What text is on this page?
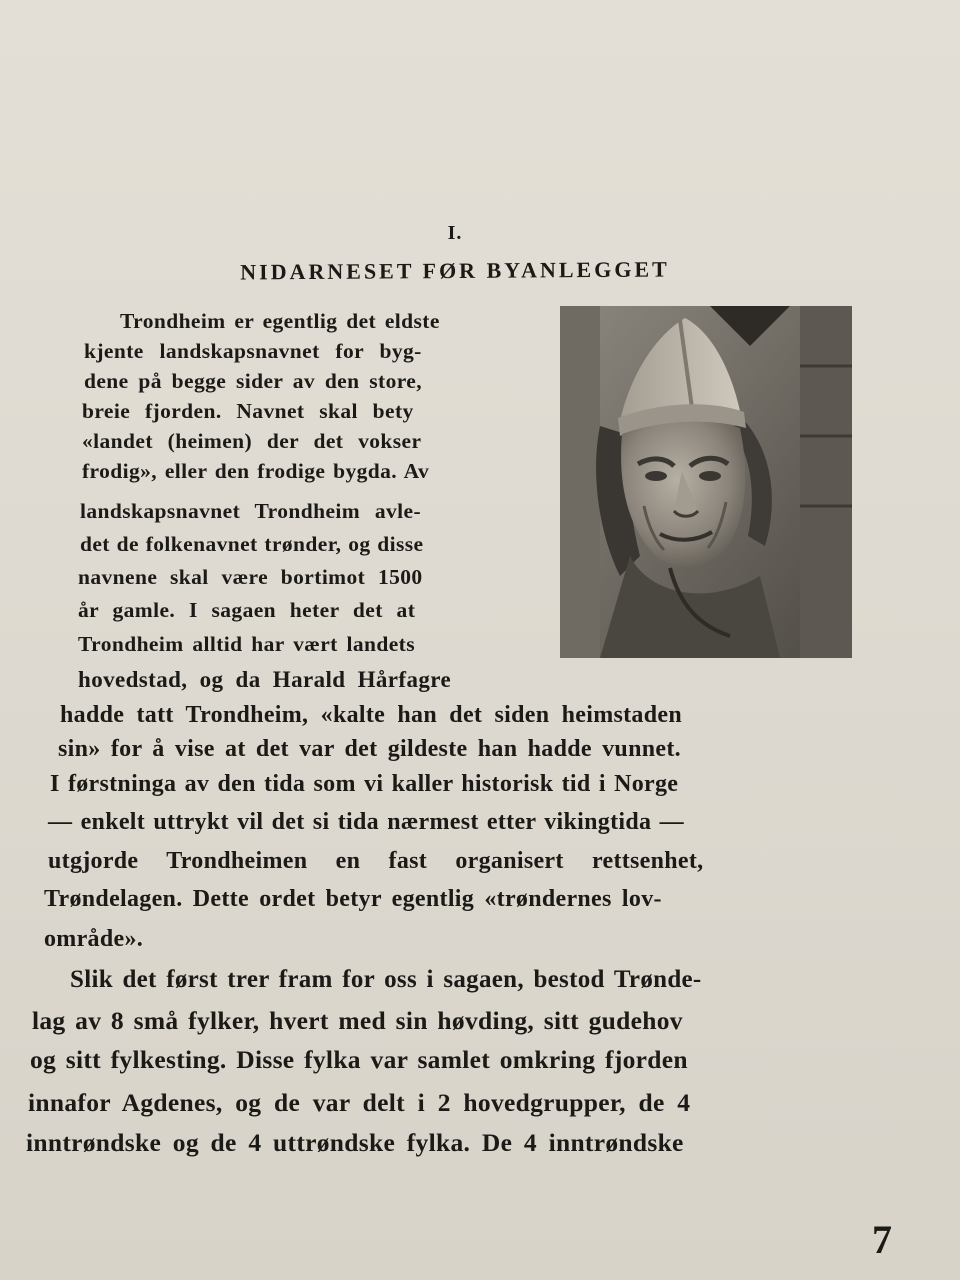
I.
NIDARNESET FØR BYANLEGGET
Trondheim er egentlig det eldste
kjente landskapsnavnet for byg-
dene på begge sider av den store,
breie fjorden. Navnet skal bety
«landet (heimen) der det vokser
frodig», eller den frodige bygda. Av
landskapsnavnet Trondheim avle-
det de folkenavnet trønder, og disse
navnene skal være bortimot 1500
år gamle. I sagaen heter det at
Trondheim alltid har vært landets
hovedstad, og da Harald Hårfagre
hadde tatt Trondheim, «kalte han det siden heimstaden
sin» for å vise at det var det gildeste han hadde vunnet.
I førstninga av den tida som vi kaller historisk tid i Norge
— enkelt uttrykt vil det si tida nærmest etter vikingtida —
utgjorde Trondheimen en fast organisert rettsenhet,
Trøndelagen. Dette ordet betyr egentlig «trøndernes lov-
område».
Slik det først trer fram for oss i sagaen, bestod Trønde-
lag av 8 små fylker, hvert med sin høvding, sitt gudehov
og sitt fylkesting. Disse fylka var samlet omkring fjorden
innafor Agdenes, og de var delt i 2 hovedgrupper, de 4
inntrøndske og de 4 uttrøndske fylka. De 4 inntrøndske
7
